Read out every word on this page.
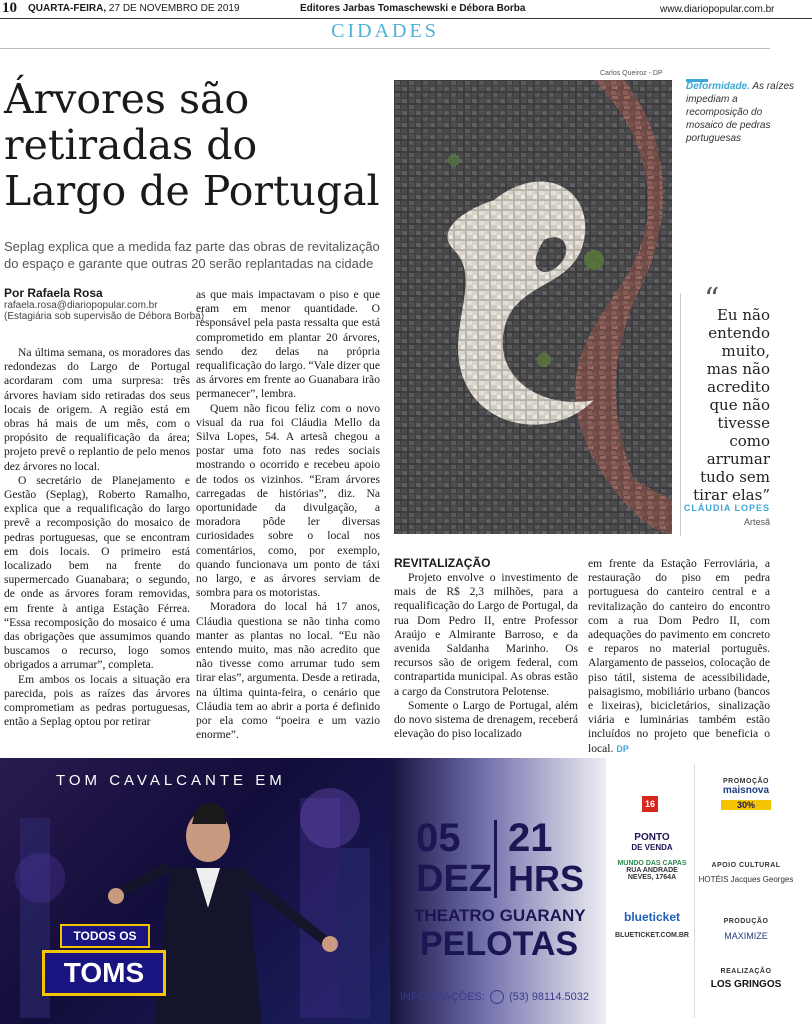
10 QUARTA-FEIRA, 27 DE NOVEMBRO DE 2019	Editores Jarbas Tomaschewski e Débora Borba	www.diariopopular.com.br
CIDADES
Árvores são
retiradas do
Largo de Portugal
Seplag explica que a medida faz parte das obras de revitalização do espaço e garante que outras 20 serão replantadas na cidade
Por Rafaela Rosa
rafaela.rosa@diariopopular.com.br
(Estagiária sob supervisão de Débora Borba)

Na última semana, os moradores das redondezas do Largo de Portugal acordaram com uma surpresa: três árvores haviam sido retiradas dos seus locais de origem. A região está em obras há mais de um mês, com o propósito de requalificação da área; projeto prevê o replantio de pelo menos dez árvores no local.

O secretário de Planejamento e Gestão (Seplag), Roberto Ramalho, explica que a requalificação do largo prevê a recomposição do mosaico de pedras portuguesas, que se encontram em dois locais. O primeiro está localizado bem na frente do supermercado Guanabara; o segundo, de onde as árvores foram removidas, em frente à antiga Estação Férrea. “Essa recomposição do mosaico é uma das obrigações que assumimos quando buscamos o recurso, logo somos obrigados a arrumar”, completa.

Em ambos os locais a situação era parecida, pois as raízes das árvores comprometiam as pedras portuguesas, então a Seplag optou por retirar

as que mais impactavam o piso e que eram em menor quantidade. O responsável pela pasta ressalta que está comprometido em plantar 20 árvores, sendo dez delas na própria requalificação do largo. “Vale dizer que as árvores em frente ao Guanabara irão permanecer”, lembra.

Quem não ficou feliz com o novo visual da rua foi Cláudia Mello da Silva Lopes, 54. A artesã chegou a postar uma foto nas redes sociais mostrando o ocorrido e recebeu apoio de todos os vizinhos. “Eram árvores carregadas de histórias”, diz. Na oportunidade da divulgação, a moradora pôde ler diversas curiosidades sobre o local nos comentários, como, por exemplo, quando funcionava um ponto de táxi no largo, e as árvores serviam de sombra para os motoristas.

Moradora do local há 17 anos, Cláudia questiona se não tinha como manter as plantas no local. “Eu não entendo muito, mas não acredito que não tivesse como arrumar tudo sem tirar elas”, argumenta. Desde a retirada, na última quinta-feira, o cenário que Cláudia tem ao abrir a porta é definido por ela como “poeira e um vazio enorme”.

Carlos Queiroz - DP
Deformidade. As raízes impediam a recomposição do mosaico de pedras portuguesas
“
Eu não entendo muito, mas não acredito que não tivesse como arrumar tudo sem tirar elas”
CLÁUDIA LOPES
Artesã
REVITALIZAÇÃO

Projeto envolve o investimento de mais de R$ 2,3 milhões, para a requalificação do Largo de Portugal, da rua Dom Pedro II, entre Professor Araújo e Almirante Barroso, e da avenida Saldanha Marinho. Os recursos são de origem federal, com contrapartida municipal. As obras estão a cargo da Construtora Pelotense.

Somente o Largo de Portugal, além do novo sistema de drenagem, receberá elevação do piso localizado

em frente da Estação Ferroviária, a restauração do piso em pedra portuguesa do canteiro central e a revitalização do canteiro do encontro com a rua Dom Pedro II, com adequações do pavimento em concreto e reparos no material português. Alargamento de passeios, colocação de piso tátil, sistema de acessibilidade, paisagismo, mobiliário urbano (bancos e lixeiras), bicicletários, sinalização viária e luminárias também estão incluídos no projeto que beneficia o local. DP

TOM CAVALCANTE EM
TODOS OS
TOMS
05
DEZ
21
HRS
THEATRO GUARANY
PELOTAS
INFORMAÇÕES: (53) 98114.5032
16
PONTO
DE VENDA
MUNDO DAS CAPAS
RUA ANDRADE
NEVES, 1764A
blueticket
BLUETICKET.COM.BR
PROMOÇÃO
maisnova
30%
APOIO CULTURAL
HOTÉIS Jacques Georges
PRODUÇÃO
MAXIMIZE
REALIZAÇÃO
LOS GRINGOS
